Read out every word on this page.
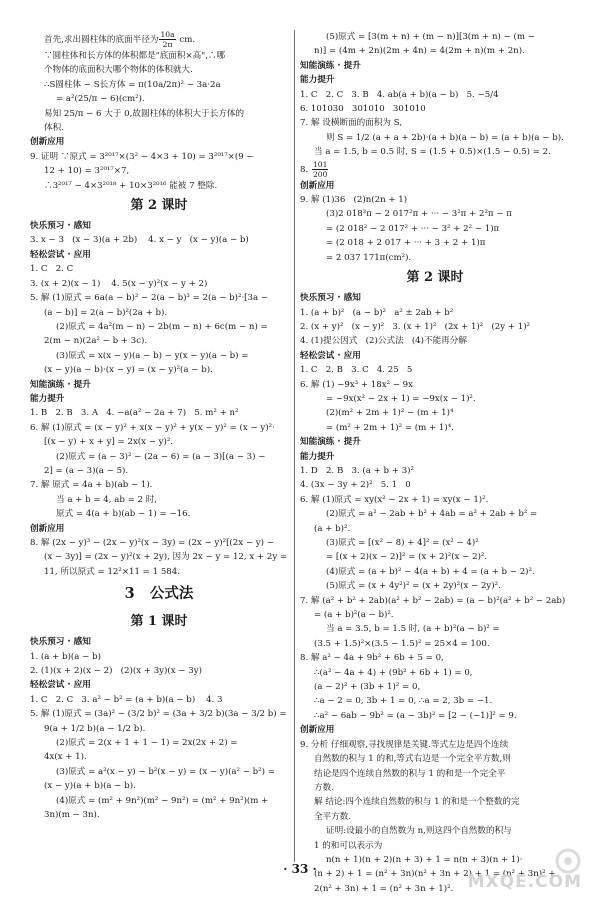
首先,求出圆柱体的底面半径为 $\frac{10a}{2\pi}$ cm.
∵圆柱体和长方体的体积都是"底面积×高",∴哪
个物体的底面积大哪个物体的体积就大.
∴S圆柱体 − S长方体 = π(10a/2π)² − 3a·2a
= a²(25/π − 6)(cm²).
易知 25/π − 6 大于 0,故圆柱体的体积大于长方体的
体积.
创新应用
9. 证明 ∵原式 = 3²⁰¹⁷×(3² − 4×3 + 10) = 3²⁰¹⁷×(9 −
12 + 10) = 3²⁰¹⁷×7,
∴3²⁰¹⁷ − 4×3²⁰¹⁸ + 10×3²⁰¹⁶ 能被 7 整除.
第 2 课时
快乐预习 · 感知
3. x − 3   (x − 3)(a + 2b)    4. x − y   (x − y)(a − b)
轻松尝试 · 应用
1. C   2. C
3. (x + 2)(x − 1)    4. 5(x − y)²(x − y + 2)
5. 解 (1)原式 = 6a(a − b)² − 2(a − b)³ = 2(a − b)²·[3a −
(a − b)] = 2(a − b)²(2a + b).
(2)原式 = 4a²(m − n) − 2b(m − n) + 6c(m − n) =
2(m − n)(2a² − b + 3c).
(3)原式 = x(x − y)(a − b) − y(x − y)(a − b) =
(x − y)(a − b)·(x − y) = (x − y)²(a − b).
知能演练 · 提升
能力提升
1. B   2. B   3. A   4. −a(a² − 2a + 7)   5. m² + n²
6. 解 (1)原式 = (x − y)² + x(x − y)² + y(x − y)² = (x − y)²·
[(x − y) + x + y] = 2x(x − y)².
(2)原式 = (a − 3)² − (2a − 6) = (a − 3)[(a − 3) −
2] = (a − 3)(a − 5).
7. 解 原式 = 4a + b)(ab − 1).
当 a + b = 4, ab = 2 时,
原式 = 4(a + b)(ab − 1) = −16.
创新应用
8. 解 (2x − y)³ − (2x − y)²(x − 3y) = (2x − y)²[(2x − y) −
(x − 3y)] = (2x − y)²(x + 2y), 因为 2x − y = 12, x + 2y =
11, 所以原式 = 12²×11 = 1 584.
3   公式法
第 1 课时
快乐预习 · 感知
1. (a + b)(a − b)
2. (1)(x + 2)(x − 2)   (2)(x + 3y)(x − 3y)
轻松尝试 · 应用
1. C   2. C   3. a² − b² = (a + b)(a − b)    4. 3
5. 解 (1)原式 = (3a)² − (3/2 b)² = (3a + 3/2 b)(3a − 3/2 b) =
9(a + 1/2 b)(a − 1/2 b).
(2)原式 = 2(x + 1 + 1 − 1) = 2x(2x + 2) =
4x(x + 1).
(3)原式 = a²(x − y) − b²(x − y) = (x − y)(a² − b²) =
(x − y)(a + b)(a − b).
(4)原式 = (m² + 9n²)(m² − 9n²) = (m² + 9n²)(m +
3n)(m − 3n).
(5)原式 = [3(m + n) + (m − n)][3(m + n) − (m −
n)] = (4m + 2n)(2m + 4n) = 4(2m + n)(m + 2n).
知能演练 · 提升
能力提升
1. C   2. C   3. B   4. ab(a + b)(a − b)   5. −5/4
6. 101030   301010   301010
7. 解 设横断面的面积为 S,
则 S = 1/2 (a + a + 2b)·(a + b)(a − b) = (a + b)(a − b).
当 a = 1.5, b = 0.5 时, S = (1.5 + 0.5)×(1.5 − 0.5) = 2.
8. $\frac{101}{200}$
创新应用
9. 解 (1)36   (2)n(2n + 1)
(3)2 018²π − 2 017²π + ··· − 3²π + 2²π − π
= (2 018² − 2 017² + ··· − 3² + 2² − 1)π
= (2 018 + 2 017 + ··· + 3 + 2 + 1)π
= 2 037 171π(cm²).
第 2 课时
快乐预习 · 感知
1. (a + b)²   (a − b)²   a² ± 2ab + b²
2. (x + y)²   (x − y)²   3. (x + 1)²   (2x + 1)²   (2y + 1)²
4. (1)提公因式   (2)公式法   (4)不能再分解
轻松尝试 · 应用
1. C   2. B   3. C   4. 25   5
6. 解 (1) −9x³ + 18x² − 9x
= −9x(x² − 2x + 1) = −9x(x − 1)².
(2)(m² + 2m + 1)² − (m + 1)⁴
= (m² + 2m + 1)² = (m + 1)⁴.
知能演练 · 提升
能力提升
1. D   2. B   3. (a + b + 3)²
4. (3x − 3y + 2)²   5. 1   0
6. 解 (1)原式 = xy(x² − 2x + 1) = xy(x − 1)².
(2)原式 = a² − 2ab + b² + 4ab = a² + 2ab + b² =
(a + b)².
(3)原式 = [(x² − 8) + 4]² = (x² − 4)²
= [(x + 2)(x − 2)]² = (x + 2)²(x − 2)².
(4)原式 = (a + b)² − 4(a + b) + 4 = (a + b − 2)².
(5)原式 = (x + 4y²)² = (x + 2y)²(x − 2y)².
7. 解 (a² + b² + 2ab)(a² + b² − 2ab) = (a − b)²(a² + b² − 2ab)
= (a + b)²(a − b)².
当 a = 3.5, b = 1.5 时, (a + b)²(a − b)² =
(3.5 + 1.5)²×(3.5 − 1.5)² = 25×4 = 100.
8. 解 a² − 4a + 9b² + 6b + 5 = 0,
∴(a² − 4a + 4) + (9b² + 6b + 1) = 0,
(a − 2)² + (3b + 1)² = 0,
∴a − 2 = 0, 3b + 1 = 0, ∴a = 2, 3b = −1.
∴a² − 6ab − 9b² = (a − 3b)² = [2 − (−1)]² = 9.
创新应用
9. 分析 仔细观察,寻找规律是关键.等式左边是四个连续
自然数的积与 1 的和,等式右边是一个完全平方数,则
结论是四个连续自然数的积与 1 的和是一个完全平
方数.
解 结论:四个连续自然数的积与 1 的和是一个整数的完
全平方数.
证明:设最小的自然数为 n,则这四个自然数的积与
1 的和可以表示为
n(n + 1)(n + 2)(n + 3) + 1 = n(n + 3)(n + 1)·
(n + 2) + 1 = (n² + 3n)(n² + 3n + 2) + 1 = (n² + 3n)² +
2(n² + 3n) + 1 = (n² + 3n + 1)².
· 33 ·
MXQE.COM
